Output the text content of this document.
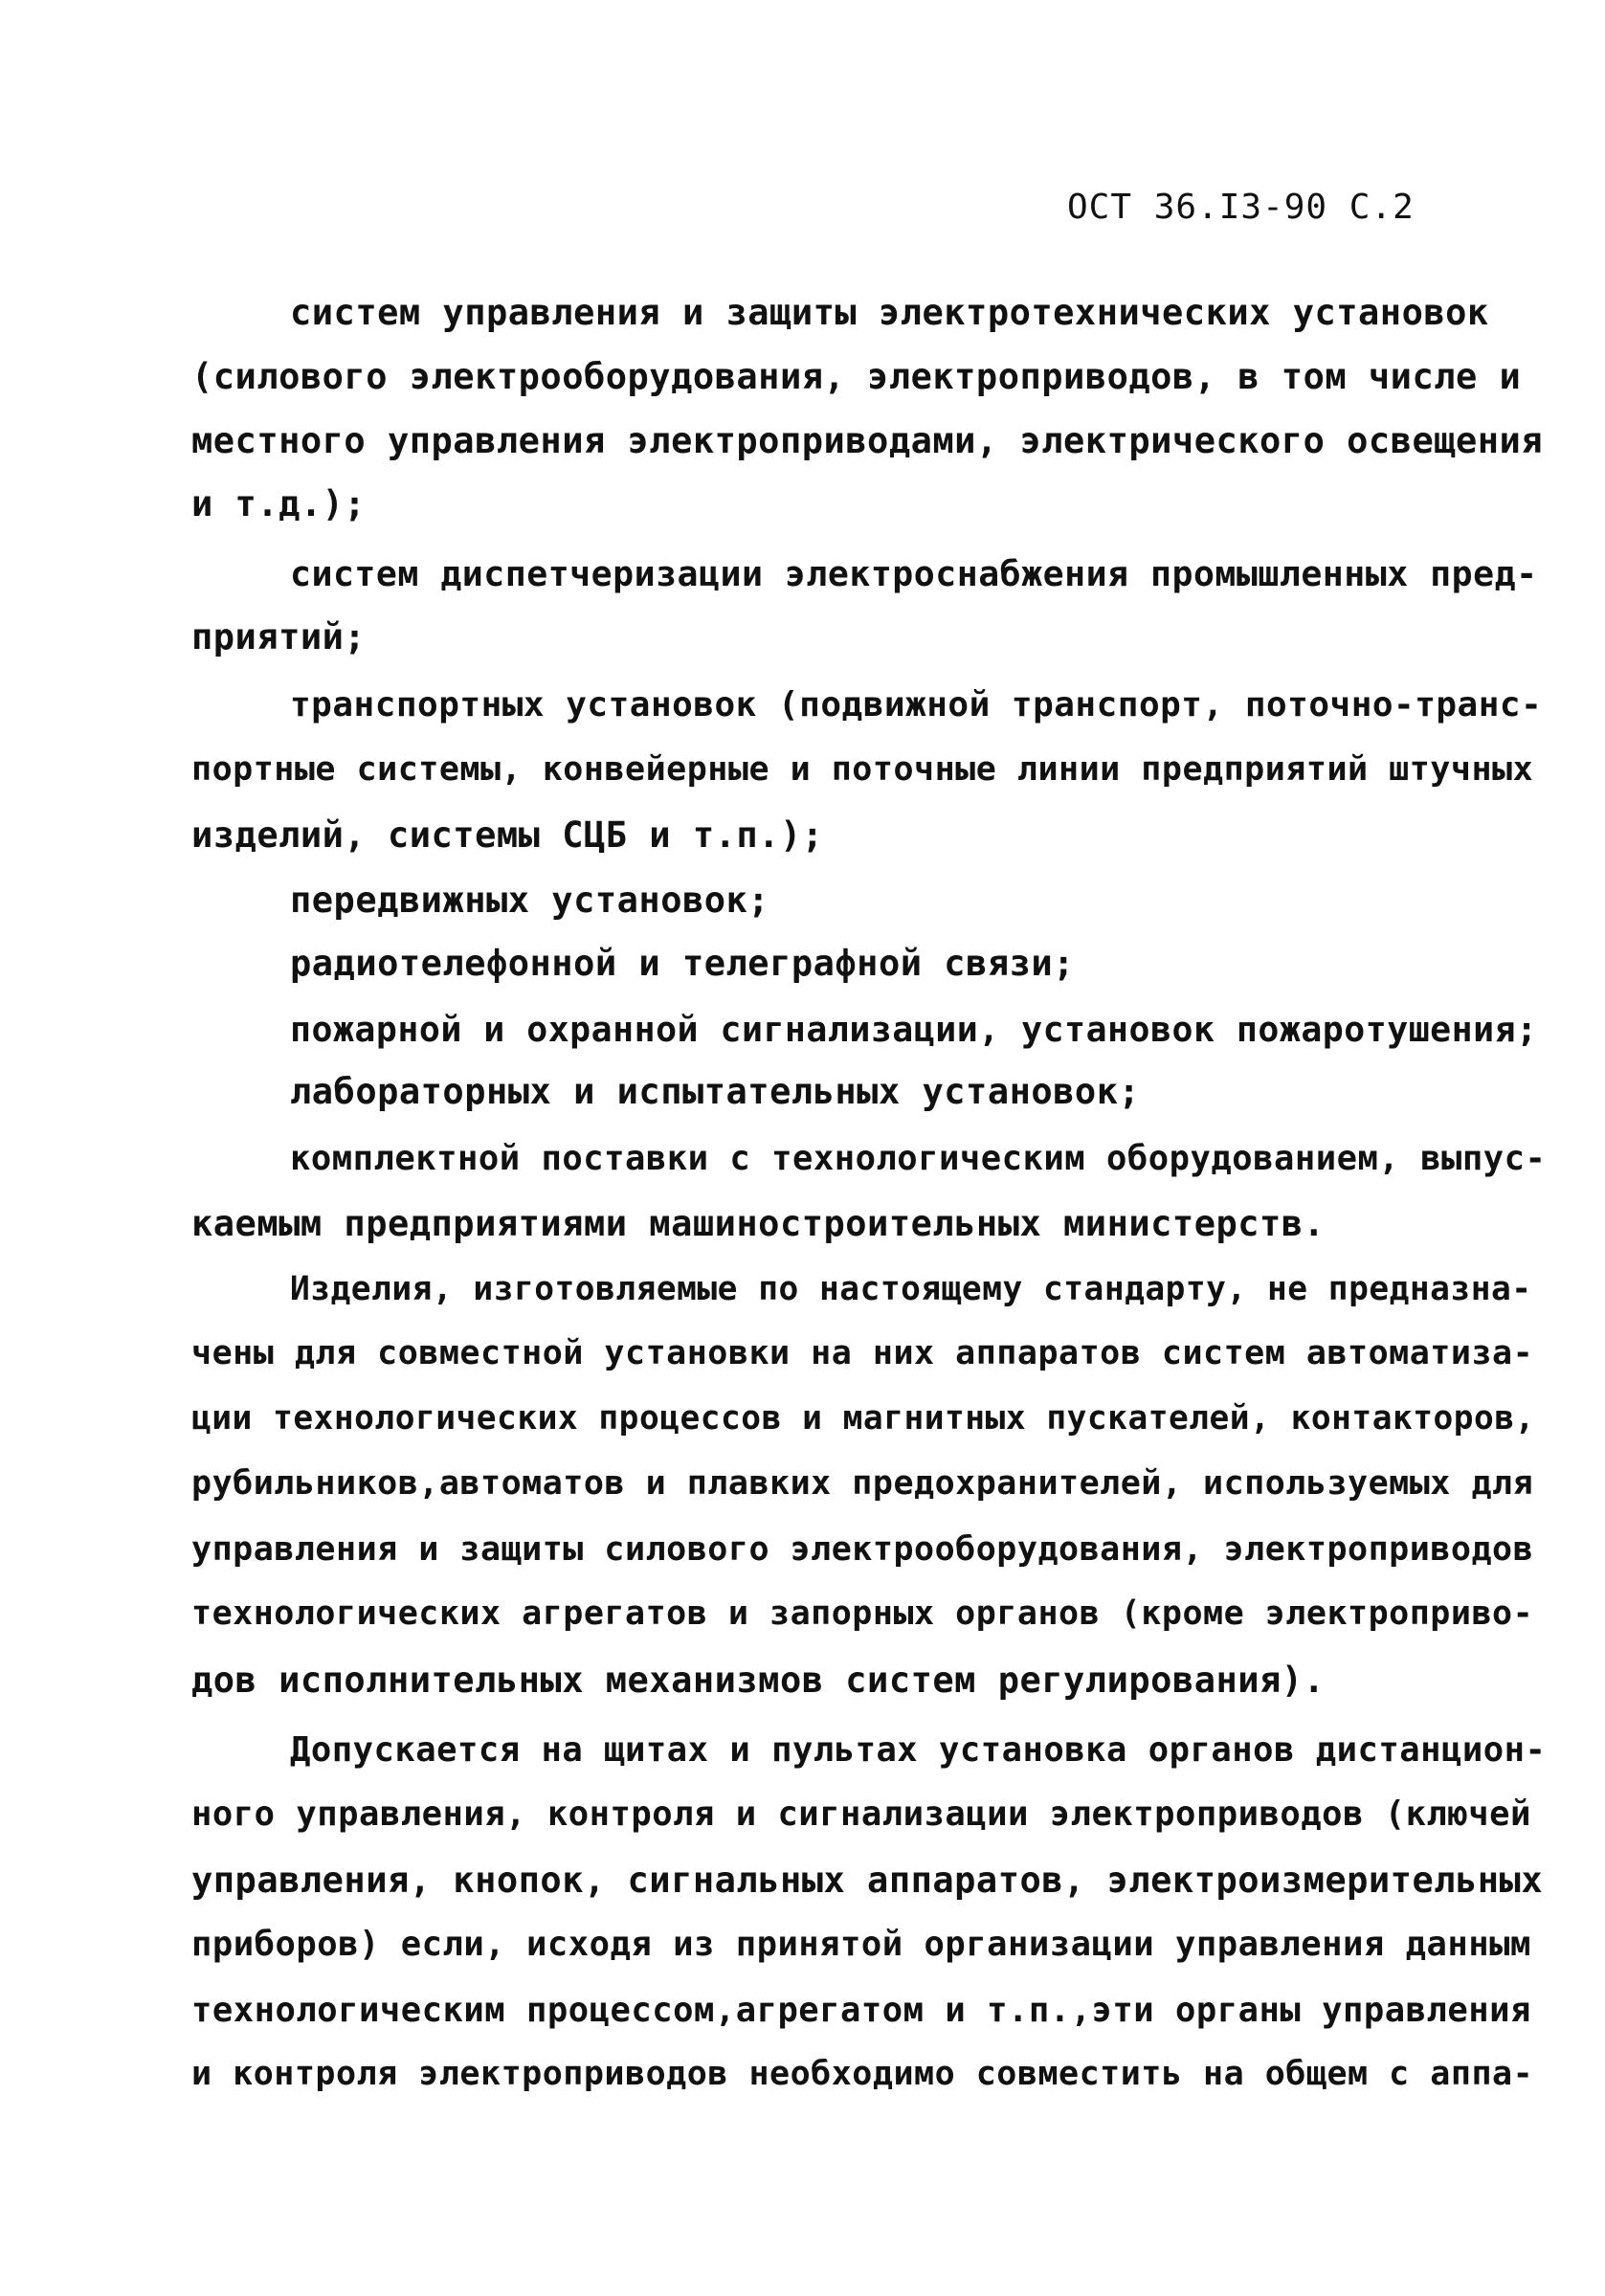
ОСТ 36.I3-90 С.2
систем управления и защиты электротехнических установок
(силового электрооборудования, электроприводов, в том числе и
местного управления электроприводами, электрического освещения
и т.д.);
систем диспетчеризации электроснабжения промышленных пред-
приятий;
транспортных установок (подвижной транспорт, поточно-транс-
портные системы, конвейерные и поточные линии предприятий штучных
изделий, системы СЦБ и т.п.);
передвижных установок;
радиотелефонной и телеграфной связи;
пожарной и охранной сигнализации, установок пожаротушения;
лабораторных и испытательных установок;
комплектной поставки с технологическим оборудованием, выпус-
каемым предприятиями машиностроительных министерств.
Изделия, изготовляемые по настоящему стандарту, не предназна-
чены для совместной установки на них аппаратов систем автоматиза-
ции технологических процессов и магнитных пускателей, контакторов,
рубильников,автоматов и плавких предохранителей, используемых для
управления и защиты силового электрооборудования, электроприводов
технологических агрегатов и запорных органов (кроме электроприво-
дов исполнительных механизмов систем регулирования).
Допускается на щитах и пультах установка органов дистанцион-
ного управления, контроля и сигнализации электроприводов (ключей
управления, кнопок, сигнальных аппаратов, электроизмерительных
приборов) если, исходя из принятой организации управления данным
технологическим процессом,агрегатом и т.п.,эти органы управления
и контроля электроприводов необходимо совместить на общем с аппа-
